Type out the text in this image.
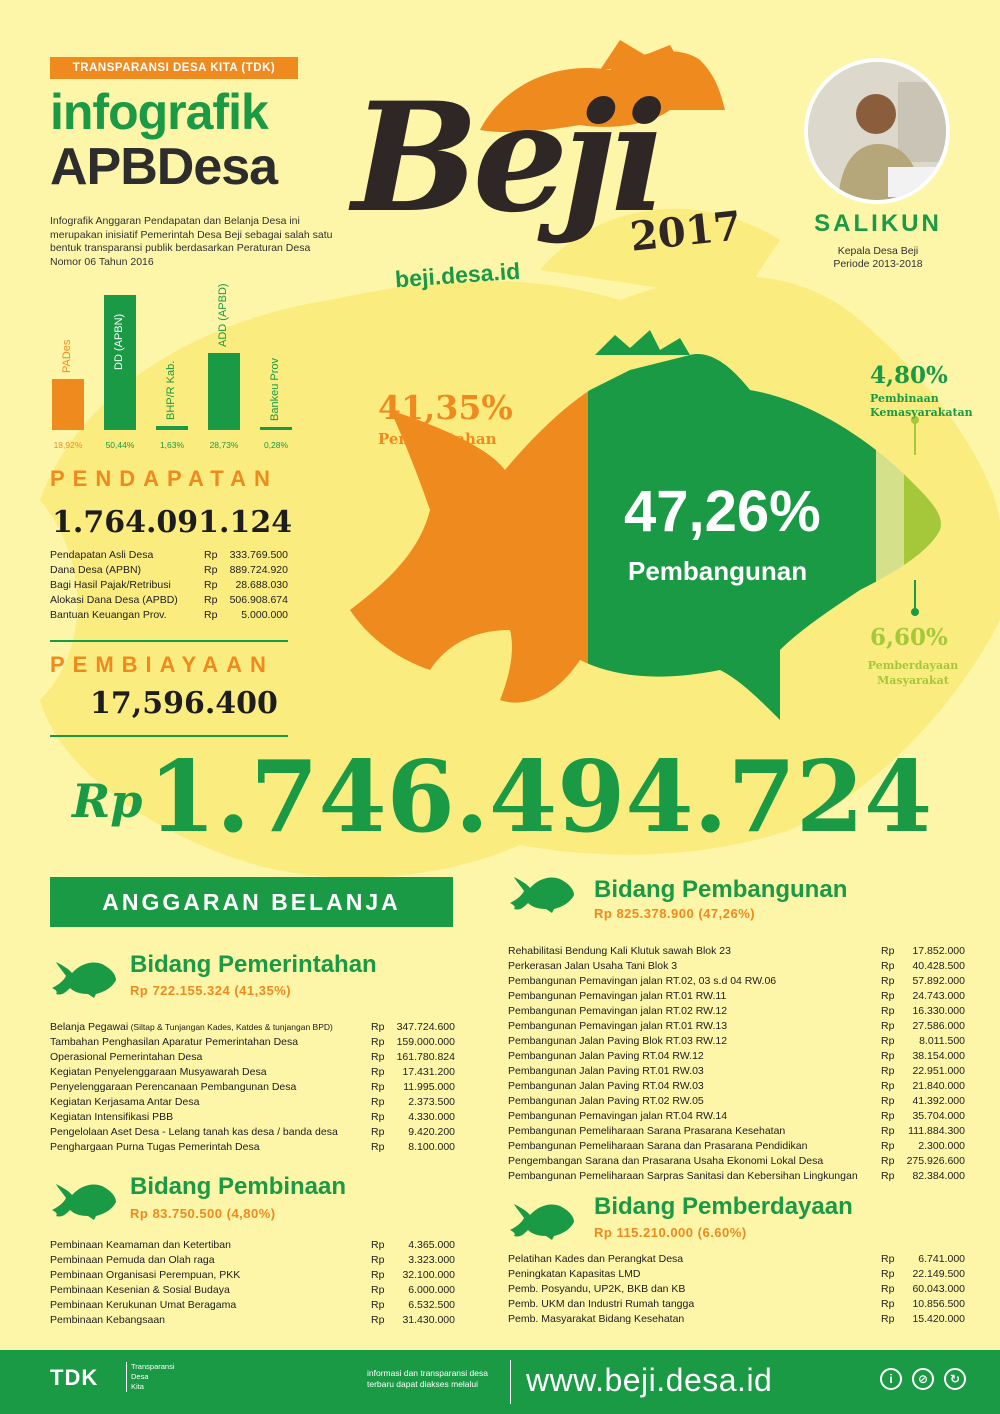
TRANSPARANSI DESA KITA (TDK)
infografik
APBDesa
Infografik Anggaran Pendapatan dan Belanja Desa ini merupakan inisiatif Pemerintah Desa Beji sebagai salah satu bentuk transparansi publik berdasarkan Peraturan Desa Nomor 06 Tahun 2016
Beji
2017
beji.desa.id
SALIKUN
Kepala Desa Beji
Periode 2013-2018
PADes
18,92%
DD (APBN)
50,44%
BHP/R Kab.
1,63%
ADD (APBD)
28,73%
Bankeu Prov
0,28%
PENDAPATAN
1.764.091.124
Pendapatan Asli Desa	Rp	333.769.500
Dana Desa (APBN)	Rp	889.724.920
Bagi Hasil Pajak/Retribusi	Rp	28.688.030
Alokasi Dana Desa (APBD)	Rp	506.908.674
Bantuan Keuangan Prov.	Rp	5.000.000
PEMBIAYAAN
17,596.400
41,35%
Pemerintahan
47,26%
Pembangunan
4,80%
Pembinaan
Kemasyarakatan
6,60%
Pemberdayaan
Masyarakat
Rp 1.746.494.724
ANGGARAN BELANJA
Bidang Pemerintahan
Rp 722.155.324 (41,35%)
Belanja Pegawai (Siltap & Tunjangan Kades, Katdes & tunjangan BPD)	Rp	347.724.600
Tambahan Penghasilan Aparatur Pemerintahan Desa	Rp	159.000.000
Operasional Pemerintahan Desa	Rp	161.780.824
Kegiatan Penyelenggaraan Musyawarah Desa	Rp	17.431.200
Penyelenggaraan Perencanaan Pembangunan Desa	Rp	11.995.000
Kegiatan Kerjasama Antar Desa	Rp	2.373.500
Kegiatan Intensifikasi PBB	Rp	4.330.000
Pengelolaan Aset Desa - Lelang tanah kas desa / banda desa	Rp	9.420.200
Penghargaan Purna Tugas Pemerintah Desa	Rp	8.100.000
Bidang Pembinaan
Rp 83.750.500 (4,80%)
Pembinaan Keamaman dan Ketertiban	Rp	4.365.000
Pembinaan Pemuda dan Olah raga	Rp	3.323.000
Pembinaan Organisasi Perempuan, PKK	Rp	32.100.000
Pembinaan Kesenian & Sosial Budaya	Rp	6.000.000
Pembinaan Kerukunan Umat Beragama	Rp	6.532.500
Pembinaan Kebangsaan	Rp	31.430.000
Bidang Pembangunan
Rp 825.378.900 (47,26%)
Rehabilitasi Bendung Kali Klutuk sawah Blok 23	Rp	17.852.000
Perkerasan Jalan Usaha Tani Blok 3	Rp	40.428.500
Pembangunan Pemavingan jalan RT.02, 03 s.d 04 RW.06	Rp	57.892.000
Pembangunan Pemavingan jalan RT.01 RW.11	Rp	24.743.000
Pembangunan Pemavingan jalan RT.02 RW.12	Rp	16.330.000
Pembangunan Pemavingan jalan RT.01 RW.13	Rp	27.586.000
Pembangunan Jalan Paving Blok RT.03 RW.12	Rp	8.011.500
Pembangunan Jalan Paving RT.04 RW.12	Rp	38.154.000
Pembangunan Jalan Paving RT.01 RW.03	Rp	22.951.000
Pembangunan Jalan Paving RT.04 RW.03	Rp	21.840.000
Pembangunan Jalan Paving RT.02 RW.05	Rp	41.392.000
Pembangunan Pemavingan jalan RT.04 RW.14	Rp	35.704.000
Pembangunan Pemeliharaan Sarana Prasarana Kesehatan	Rp	111.884.300
Pembangunan Pemeliharaan Sarana dan Prasarana Pendidikan	Rp	2.300.000
Pengembangan Sarana dan Prasarana Usaha Ekonomi Lokal Desa	Rp	275.926.600
Pembangunan Pemeliharaan Sarpras Sanitasi dan Kebersihan Lingkungan	Rp	82.384.000
Bidang Pemberdayaan
Rp 115.210.000 (6.60%)
Pelatihan Kades dan Perangkat Desa	Rp	6.741.000
Peningkatan Kapasitas LMD	Rp	22.149.500
Pemb. Posyandu, UP2K, BKB dan KB	Rp	60.043.000
Pemb. UKM dan Industri Rumah tangga	Rp	10.856.500
Pemb. Masyarakat Bidang Kesehatan	Rp	15.420.000
TDK	Transparansi
Desa
Kita
informasi dan transparansi desa
terbaru dapat diakses melalui	www.beji.desa.id	i	⊘	↻
